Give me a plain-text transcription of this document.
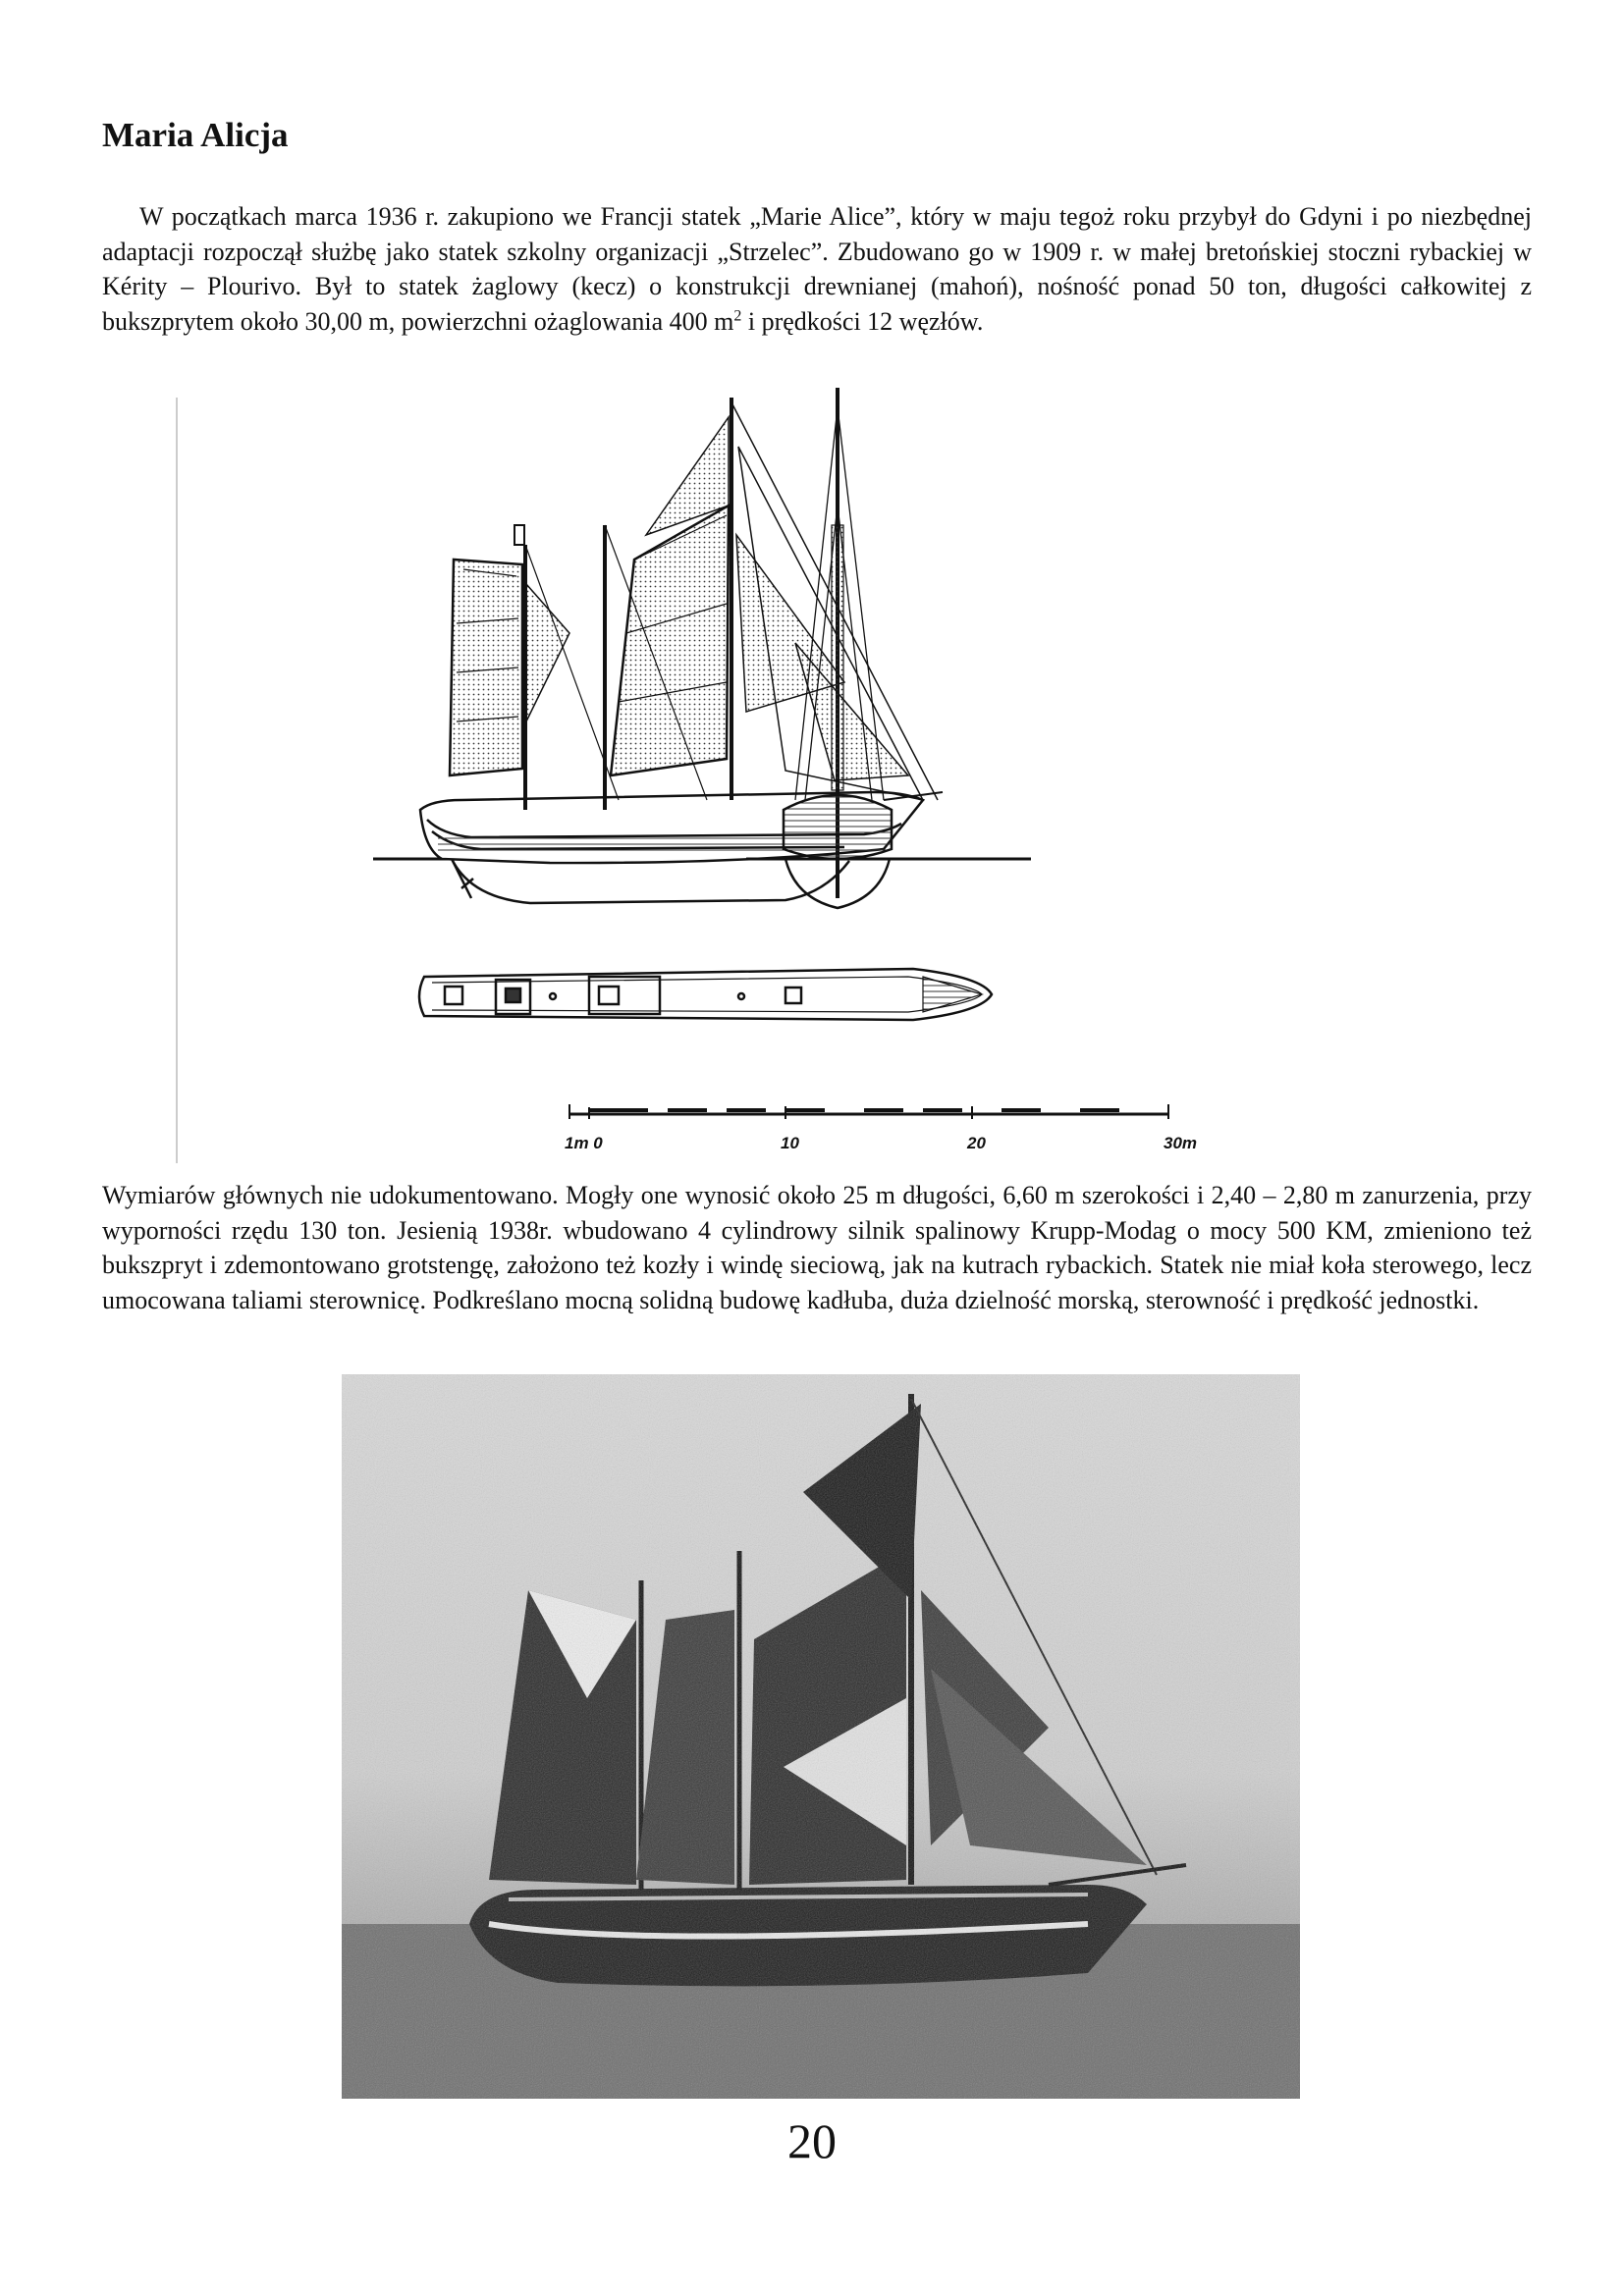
Maria Alicja

W początkach marca 1936 r. zakupiono we Francji statek „Marie Alice”, który w maju tegoż roku przybył do Gdyni i po niezbędnej adaptacji rozpoczął służbę jako statek szkolny organizacji „Strzelec”. Zbudowano go w 1909 r. w małej bretońskiej stoczni rybackiej w Kérity – Plourivo. Był to statek żaglowy (kecz) o konstrukcji drewnianej (mahoń), nośność ponad 50 ton, długości całkowitej z bukszprytem około 30,00 m, powierzchni ożaglowania 400 $m^2$ i prędkości 12 węzłów.

1m 0	10	20	30m

Wymiarów głównych nie udokumentowano. Mogły one wynosić około 25 m długości, 6,60 m szerokości i 2,40 – 2,80 m zanurzenia, przy wyporności rzędu 130 ton. Jesienią 1938r. wbudowano 4 cylindrowy silnik spalinowy Krupp-Modag o mocy 500 KM, zmieniono też bukszpryt i zdemontowano grotstengę, założono też kozły i windę sieciową, jak na kutrach rybackich. Statek nie miał koła sterowego, lecz umocowana taliami sterownicę. Podkreślano mocną solidną budowę kadłuba, duża dzielność morską, sterowność i prędkość jednostki.

20
